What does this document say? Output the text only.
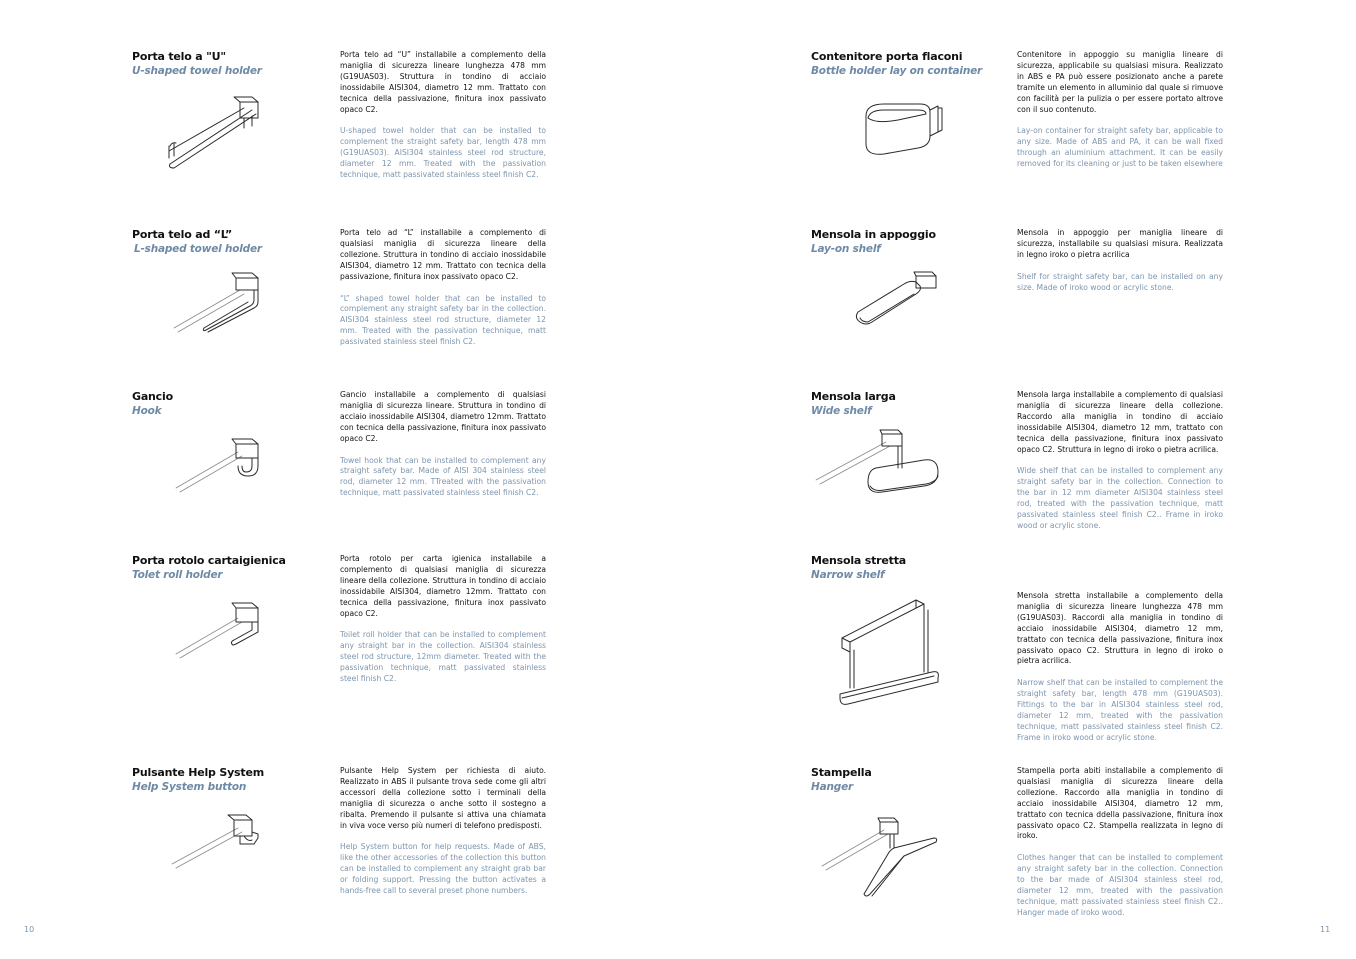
Porta telo a "U"
U-shaped towel holder

Porta telo ad “U” installabile a complemento della maniglia di sicurezza lineare lunghezza 478 mm (G19UAS03). Struttura in tondino di acciaio inossidabile AISI304, diametro 12 mm. Trattato con tecnica della passivazione, finitura inox passivato opaco C2.

U-shaped towel holder that can be installed to complement the straight safety bar, length 478 mm (G19UAS03). AISI304 stainless steel rod structure, diameter 12 mm. Treated with the passivation technique, matt passivated stainless steel finish C2.

Porta telo ad “L”
L-shaped towel holder

Porta telo ad “L” installabile a complemento di qualsiasi maniglia di sicurezza lineare della collezione. Struttura in tondino di acciaio inossidabile AISI304, diametro 12 mm. Trattato con tecnica della passivazione, finitura inox passivato opaco C2.

“L” shaped towel holder that can be installed to complement any straight safety bar in the collection. AISI304 stainless steel rod structure, diameter 12 mm. Treated with the passivation technique, matt passivated stainless steel finish C2.

Gancio
Hook

Gancio installabile a complemento di qualsiasi maniglia di sicurezza lineare. Struttura in tondino di acciaio inossidabile AISI304, diametro 12mm. Trattato con tecnica della passivazione, finitura inox passivato opaco C2.

Towel hook that can be installed to complement any straight safety bar. Made of AISI 304 stainless steel rod, diameter 12 mm. TTreated with the passivation technique, matt passivated stainless steel finish C2.

Porta rotolo cartaigienica
Tolet roll holder

Porta rotolo per carta igienica installabile a complemento di qualsiasi maniglia di sicurezza lineare della collezione. Struttura in tondino di acciaio inossidabile AISI304, diametro 12mm. Trattato con tecnica della passivazione, finitura inox passivato opaco C2.

Toilet roll holder that can be installed to complement any straight bar in the collection. AISI304 stainless steel rod structure, 12mm diameter. Treated with the passivation technique, matt passivated stainless steel finish C2.

Pulsante Help System
Help System button

Pulsante Help System per richiesta di aiuto. Realizzato in ABS il pulsante trova sede come gli altri accessori della collezione sotto i terminali della maniglia di sicurezza o anche sotto il sostegno a ribalta. Premendo il pulsante si attiva una chiamata in viva voce verso più numeri di telefono predisposti.

Help System button for help requests. Made of ABS, like the other accessories of the collection this button can be installed to complement any straight grab bar or folding support. Pressing the button activates a hands-free call to several preset phone numbers.

Contenitore porta flaconi
Bottle holder lay on container

Contenitore in appoggio su maniglia lineare di sicurezza, applicabile su qualsiasi misura. Realizzato in ABS e PA può essere posizionato anche a parete tramite un elemento in alluminio dal quale si rimuove con facilità per la pulizia o per essere portato altrove con il suo contenuto.

Lay-on container for straight safety bar, applicable to any size. Made of ABS and PA, it can be wall fixed through an aluminium attachment. It can be easily removed for its cleaning or just to be taken elsewhere

Mensola in appoggio
Lay-on shelf

Mensola in appoggio per maniglia lineare di sicurezza, installabile su qualsiasi misura. Realizzata in legno iroko o pietra acrilica

Shelf for straight safety bar, can be installed on any size. Made of iroko wood or acrylic stone.

Mensola larga
Wide shelf

Mensola larga installabile a complemento di qualsiasi maniglia di sicurezza lineare della collezione. Raccordo alla maniglia in tondino di acciaio inossidabile AISI304, diametro 12 mm, trattato con tecnica della passivazione, finitura inox passivato opaco C2. Struttura in legno di iroko o pietra acrilica.

Wide shelf that can be installed to complement any straight safety bar in the collection. Connection to the bar in 12 mm diameter AISI304 stainless steel rod, treated with the passivation technique, matt passivated stainless steel finish C2.. Frame in iroko wood or acrylic stone.

Mensola stretta
Narrow shelf

Mensola stretta installabile a complemento della maniglia di sicurezza lineare lunghezza 478 mm (G19UAS03). Raccordi alla maniglia in tondino di acciaio inossidabile AISI304, diametro 12 mm, trattato con tecnica della passivazione, finitura inox passivato opaco C2. Struttura in legno di iroko o pietra acrilica.

Narrow shelf that can be installed to complement the straight safety bar, length 478 mm (G19UAS03). Fittings to the bar in AISI304 stainless steel rod, diameter 12 mm, treated with the passivation technique, matt passivated stainless steel finish C2. Frame in iroko wood or acrylic stone.

Stampella
Hanger

Stampella porta abiti installabile a complemento di qualsiasi maniglia di sicurezza lineare della collezione. Raccordo alla maniglia in tondino di acciaio inossidabile AISI304, diametro 12 mm, trattato con tecnica ddella passivazione, finitura inox passivato opaco C2. Stampella realizzata in legno di iroko.

Clothes hanger that can be installed to complement any straight safety bar in the collection. Connection to the bar made of AISI304 stainless steel rod, diameter 12 mm, treated with the passivation technique, matt passivated stainless steel finish C2.. Hanger made of iroko wood.

10	11
